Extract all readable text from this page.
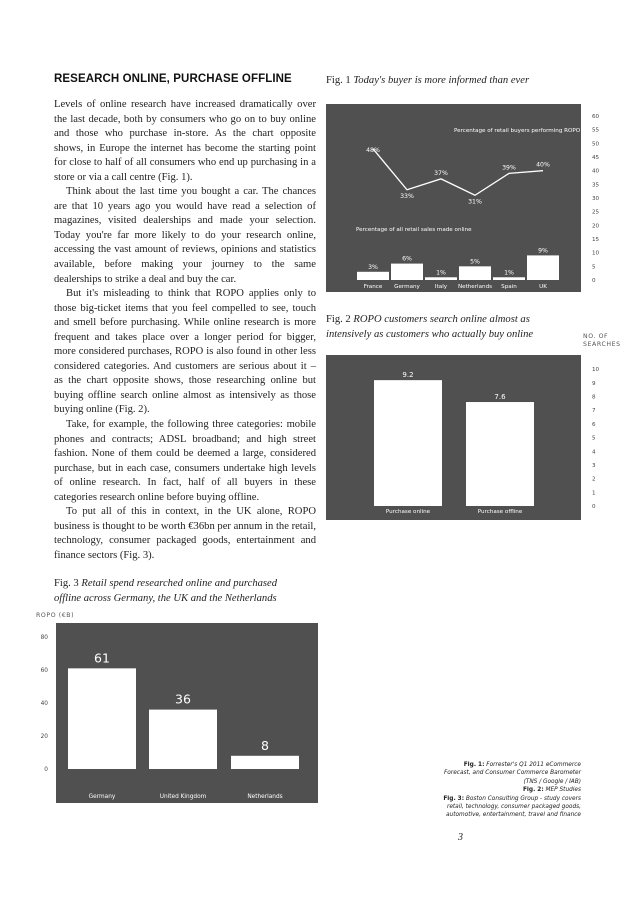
RESEARCH ONLINE, PURCHASE OFFLINE

Levels of online research have increased dramatically over the last decade, both by consumers who go on to buy online and those who purchase in-store. As the chart opposite shows, in Europe the internet has become the starting point for close to half of all consumers who end up purchasing in a store or via a call centre (Fig. 1).

Think about the last time you bought a car. The chances are that 10 years ago you would have read a selection of magazines, visited dealerships and made your selection. Today you're far more likely to do your research online, accessing the vast amount of reviews, opinions and statistics available, before making your journey to the same dealerships to strike a deal and buy the car.

But it's misleading to think that ROPO applies only to those big-ticket items that you feel compelled to see, touch and smell before purchasing. While online research is more frequent and takes place over a longer period for bigger, more considered purchases, ROPO is also found in other less considered categories. And customers are serious about it – as the chart opposite shows, those researching online but buying offline search online almost as intensively as those buying online (Fig. 2).

Take, for example, the following three categories: mobile phones and contracts; ADSL broadband; and high street fashion. None of them could be deemed a large, considered purchase, but in each case, consumers undertake high levels of online research. In fact, half of all buyers in these categories research online before buying offline.

To put all of this in context, in the UK alone, ROPO business is thought to be worth €36bn per annum in the retail, technology, consumer packaged goods, entertainment and finance sectors (Fig. 3).

Fig. 1 Today's buyer is more informed than ever
3%
6%
1%
5%
1%
9%
48%
33%
37%
31%
39%	40%
France Germany	Italy Netherlands Spain	UK
0
5
10
15
20
25
30
35
40
45
50
55
60
Percentage of retail buyers performing ROPO
Percentage of all retail sales made online
Fig. 2 ROPO customers search online almost as intensively as customers who actually buy online	NO. OF SEARCHES
9.2
7.6
Purchase online	Purchase offline
0
1
2
3
4
5
6
7
8
9
10
Fig. 3 Retail spend researched online and purchased offline across Germany, the UK and the Netherlands
ROPO (€B)
61
36
8
Germany	United Kingdom	Netherlands
0
20
40
60
80
Fig. 1: Forrester's Q1 2011 eCommerce Forecast, and Consumer Commerce Barometer (TNS / Google / IAB)
Fig. 2: MEP Studies
Fig. 3: Boston Consulting Group - study covers retail, technology, consumer packaged goods, automotive, entertainment, travel and finance
3
